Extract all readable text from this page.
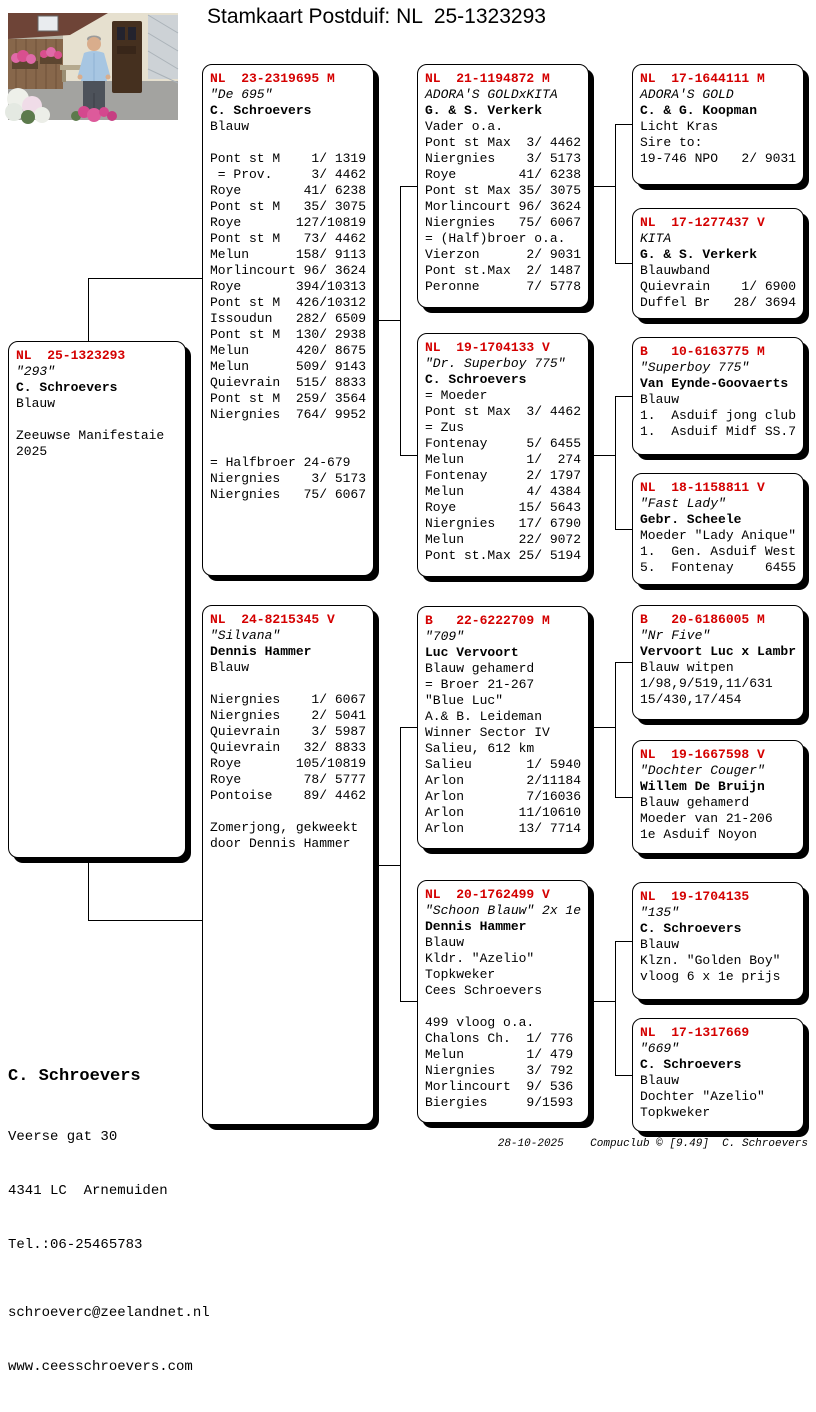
Stamkaart Postduif: NL  25-1323293
NL  25-1323293
"293"
C. Schroevers
Blauw

Zeeuwse Manifestaie
2025
NL  23-2319695 M
"De 695"
C. Schroevers
Blauw

Pont st M    1/ 1319
= Prov.     3/ 4462
Roye        41/ 6238
Pont st M   35/ 3075
Roye       127/10819
Pont st M   73/ 4462
Melun      158/ 9113
Morlincourt 96/ 3624
Roye       394/10313
Pont st M  426/10312
Issoudun   282/ 6509
Pont st M  130/ 2938
Melun      420/ 8675
Melun      509/ 9143
Quievrain  515/ 8833
Pont st M  259/ 3564
Niergnies  764/ 9952

= Halfbroer 24-679
Niergnies    3/ 5173
Niergnies   75/ 6067
NL  24-8215345 V
"Silvana"
Dennis Hammer
Blauw

Niergnies    1/ 6067
Niergnies    2/ 5041
Quievrain    3/ 5987
Quievrain   32/ 8833
Roye       105/10819
Roye        78/ 5777
Pontoise    89/ 4462

Zomerjong, gekweekt
door Dennis Hammer
NL  21-1194872 M
ADORA'S GOLDxKITA
G. & S. Verkerk
Vader o.a.
Pont st Max  3/ 4462
Niergnies    3/ 5173
Roye        41/ 6238
Pont st Max 35/ 3075
Morlincourt 96/ 3624
Niergnies   75/ 6067
= (Half)broer o.a.
Vierzon      2/ 9031
Pont st.Max  2/ 1487
Peronne      7/ 5778
NL  19-1704133 V
"Dr. Superboy 775"
C. Schroevers
= Moeder
Pont st Max  3/ 4462
= Zus
Fontenay     5/ 6455
Melun        1/  274
Fontenay     2/ 1797
Melun        4/ 4384
Roye        15/ 5643
Niergnies   17/ 6790
Melun       22/ 9072
Pont st.Max 25/ 5194
B   22-6222709 M
"709"
Luc Vervoort
Blauw gehamerd
= Broer 21-267
"Blue Luc"
A.& B. Leideman
Winner Sector IV
Salieu, 612 km
Salieu       1/ 5940
Arlon        2/11184
Arlon        7/16036
Arlon       11/10610
Arlon       13/ 7714
NL  20-1762499 V
"Schoon Blauw" 2x 1e
Dennis Hammer
Blauw
Kldr. "Azelio"
Topkweker
Cees Schroevers

499 vloog o.a.
Chalons Ch.  1/ 776
Melun        1/ 479
Niergnies    3/ 792
Morlincourt  9/ 536
Biergies     9/1593
NL  17-1644111 M
ADORA'S GOLD
C. & G. Koopman
Licht Kras
Sire to:
19-746 NPO   2/ 9031
NL  17-1277437 V
KITA
G. & S. Verkerk
Blauwband
Quievrain    1/ 6900
Duffel Br   28/ 3694
B   10-6163775 M
"Superboy 775"
Van Eynde-Goovaerts
Blauw
1.  Asduif jong club
1.  Asduif Midf SS.7
NL  18-1158811 V
"Fast Lady"
Gebr. Scheele
Moeder "Lady Anique"
1.  Gen. Asduif West
5.  Fontenay    6455
B   20-6186005 M
"Nr Five"
Vervoort Luc x Lambr
Blauw witpen
1/98,9/519,11/631
15/430,17/454
NL  19-1667598 V
"Dochter Couger"
Willem De Bruijn
Blauw gehamerd
Moeder van 21-206
1e Asduif Noyon
NL  19-1704135
"135"
C. Schroevers
Blauw
Klzn. "Golden Boy"
vloog 6 x 1e prijs
NL  17-1317669
"669"
C. Schroevers
Blauw
Dochter "Azelio"
Topkweker

C. Schroevers

Veerse gat 30

4341 LC  Arnemuiden

Tel.:06-25465783

schroeverc@zeelandnet.nl

www.ceesschroevers.com

28-10-2025    Compuclub © [9.49]  C. Schroevers
